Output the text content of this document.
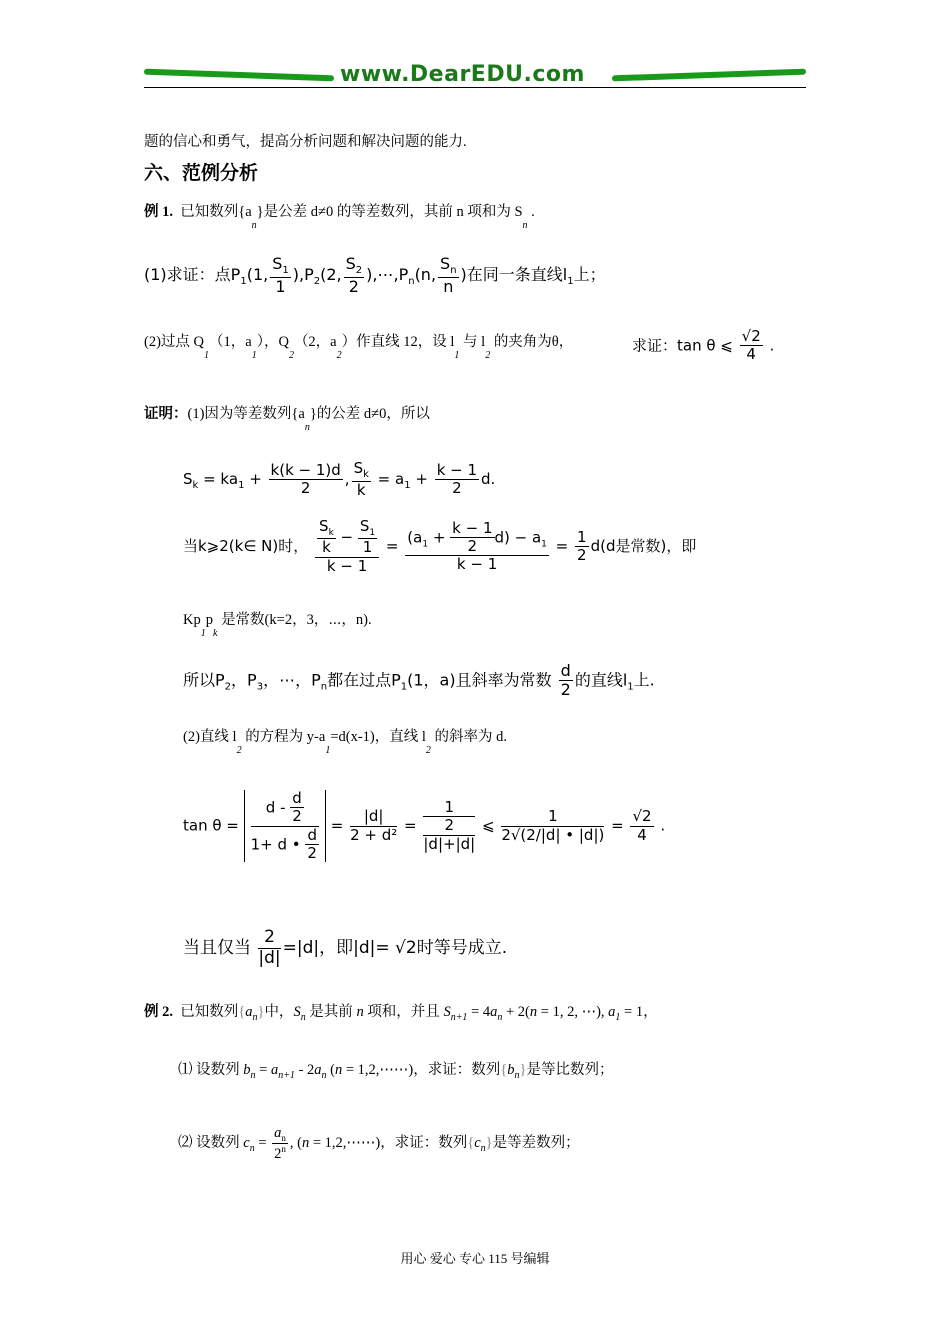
www.DearEDU.com
题的信心和勇气，提高分析问题和解决问题的能力.
六、范例分析
例 1. 已知数列$\{a_n\}$是公差 d≠0 的等差数列，其前 n 项和为 $S_n$ .
(1)求证：点$P_1(1$, $\frac{S_1}{1} ),P_2(2$, $\frac{S_2}{2}$ )$,\cdots,P_n(n$, $\frac{S_n}{n}$ )在同一条直线$l_1$上；
(2)过点 $Q_1(1$，$a_1$），$Q_2(2$，$a_2$）作直线 12，设 $l_1$ 与 $l_2$ 的夹角为θ，	求证：tan θ ⩽ $\frac{√2}{4}$ .
证明：(1)因为等差数列$\{a_n\}$的公差 d≠0，所以
$S_k = ka_1 + \frac{k(k - 1)d}{2}$ , $\frac{S_k}{k} = a_1 + \frac{k - 1}{2} d$.
当k⩾2(k∈ N)时， $\frac{\frac{S_k}{k} - \frac{S_1}{1}}{k - 1} = \frac{(a_1 + \frac{k - 1}{2} d) - a_1}{k - 1} = \frac{1}{2} d(d$是常数)，即
$Kp_1p_k$ 是常数(k=2，3，⋯，n).
所以$P_2$，$P_3$，⋯，$P_n$都在过点$P_1(1$，a)且斜率为常数 $\frac{d}{2}$ 的直线$l_1$上.
(2)直线 $l_2$ 的方程为 $y-a_1=d(x-1)$，直线 $l_2$ 的斜率为 d.
$\tan \theta = \frac{d - \frac{d}{2}}{1+ d • \frac{d}{2}} = \frac{|d|}{\text{2 + d²}} = \frac{1}{\frac{2}{|d|+|d|}}$ ⩽ $\frac{1}{2√(2/|d| • |d|)} = \frac{√2}{4}$ .
当且仅当 $\frac{2}{|d|} =|d|$，即|d|= √2时等号成立.
例 2.  已知数列$\{a_n\}$中，$S_n$ 是其前 n 项和，并且 $S_{n+1} = 4a_n + 2(n = 1$, 2, ⋯), $a_1 = 1$，
⑴ 设数列 $b_n = a_{n+1} - 2a_n$ (n = 1,2,⋯⋯)，求证：数列$\{b_n\}$是等比数列；
⑵ 设数列 $c_n = \frac{a_n}{2^n}$ , (n = 1,2,⋯⋯)，求证：数列$\{c_n\}$是等差数列；
用心 爱心 专心 115 号编辑
